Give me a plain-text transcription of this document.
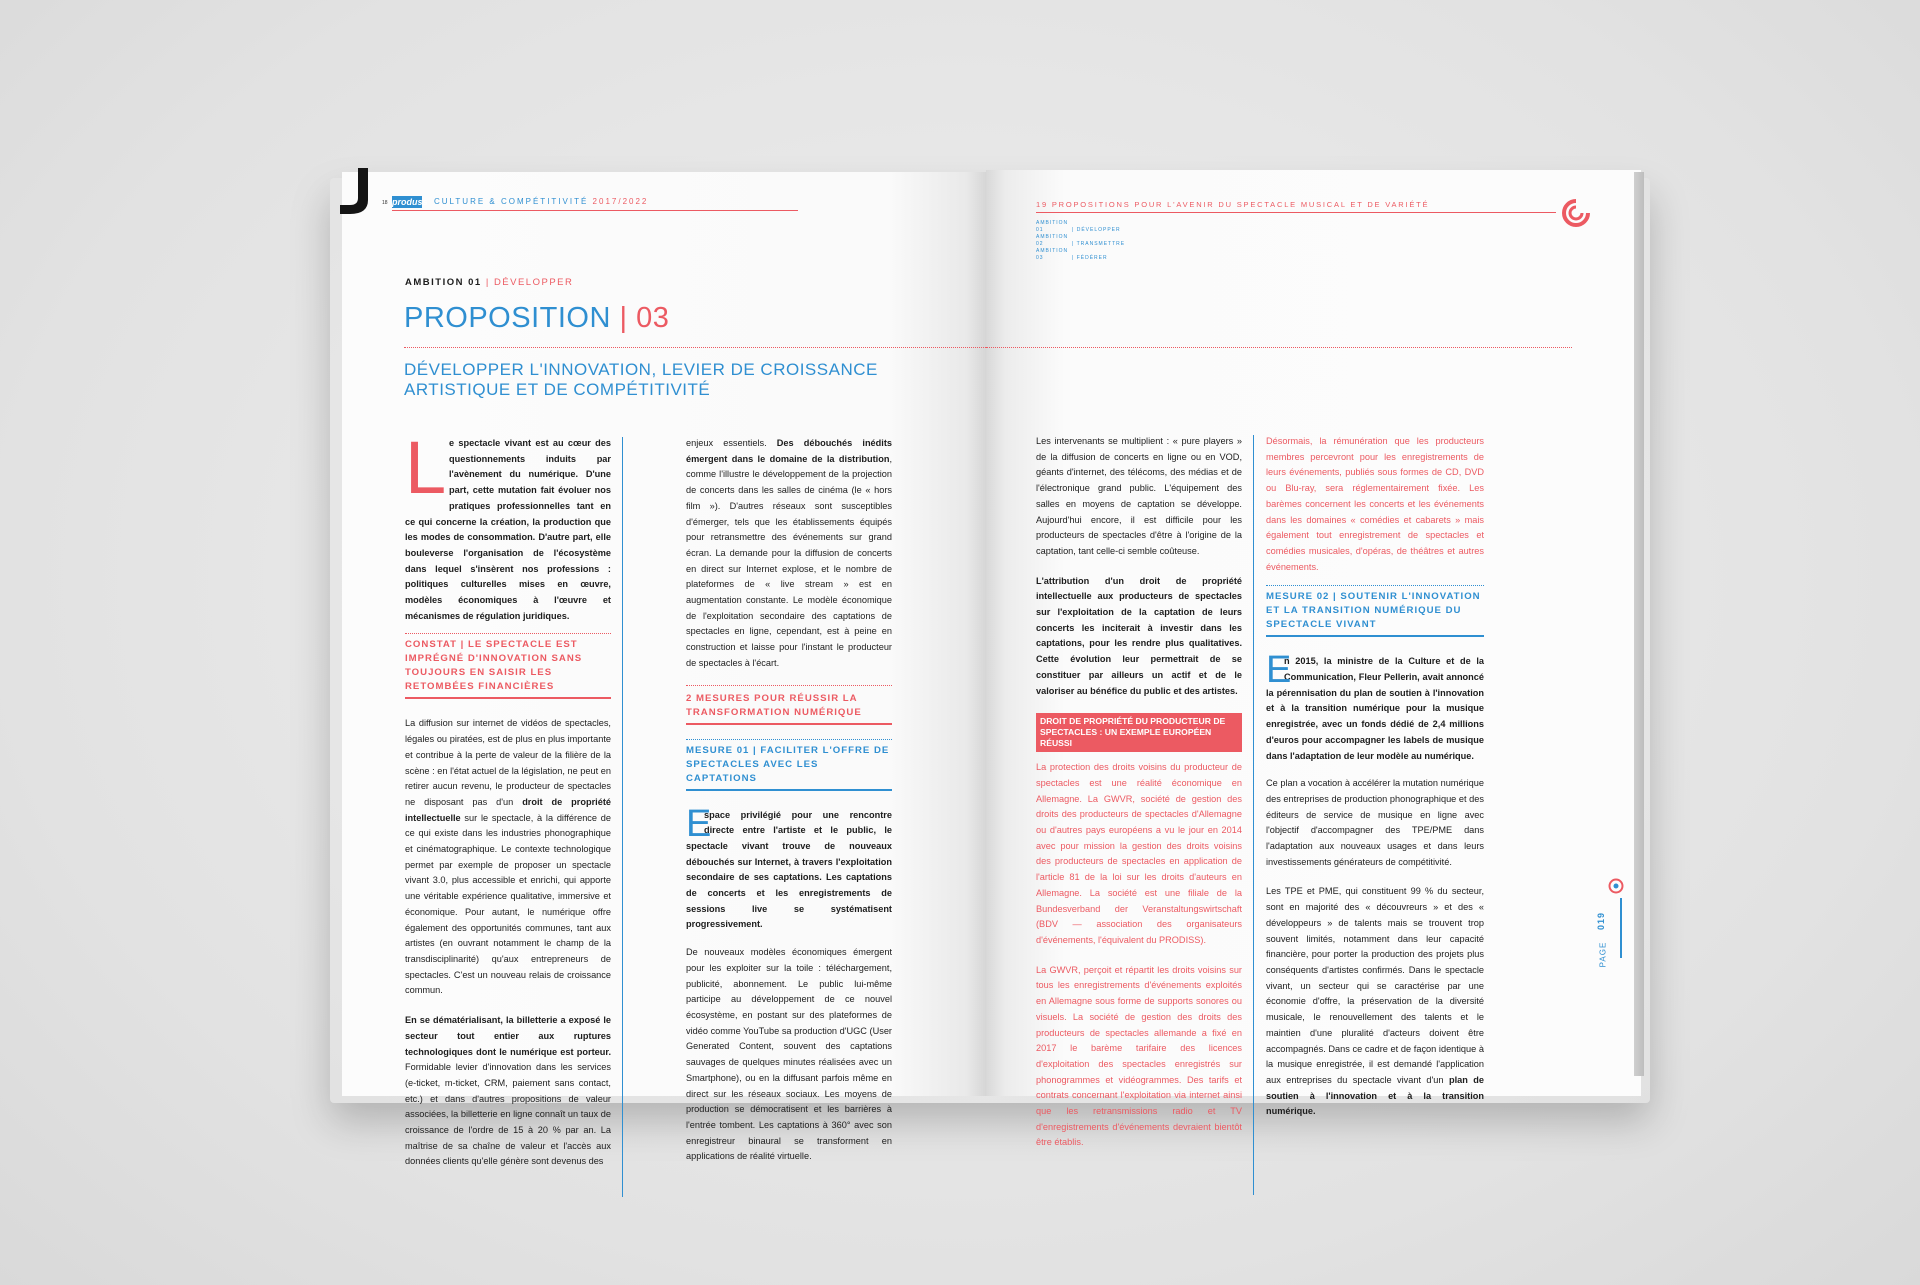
18 produss CULTURE & COMPÉTITIVITÉ 2017/2022
AMBITION 01 | DÉVELOPPER
PROPOSITION | 03
DÉVELOPPER L'INNOVATION, LEVIER DE CROISSANCE
ARTISTIQUE ET DE COMPÉTITIVITÉ
L e spectacle vivant est au cœur des questionnements induits par l'avènement du numérique. D'une part, cette mutation fait évoluer nos pratiques professionnelles tant en ce qui concerne la création, la production que les modes de consommation. D'autre part, elle bouleverse l'organisation de l'écosystème dans lequel s'insèrent nos professions : politiques culturelles mises en œuvre, modèles économiques à l'œuvre et mécanismes de régulation juridiques.

CONSTAT | LE SPECTACLE EST IMPRÉGNÉ D'INNOVATION SANS TOUJOURS EN SAISIR LES RETOMBÉES FINANCIÈRES

La diffusion sur internet de vidéos de spectacles, légales ou piratées, est de plus en plus importante et contribue à la perte de valeur de la filière de la scène : en l'état actuel de la législation, ne peut en retirer aucun revenu, le producteur de spectacles ne disposant pas d'un droit de propriété intellectuelle sur le spectacle, à la différence de ce qui existe dans les industries phonographique et cinématographique. Le contexte technologique permet par exemple de proposer un spectacle vivant 3.0, plus accessible et enrichi, qui apporte une véritable expérience qualitative, immersive et économique. Pour autant, le numérique offre également des opportunités communes, tant aux artistes (en ouvrant notamment le champ de la transdisciplinarité) qu'aux entrepreneurs de spectacles. C'est un nouveau relais de croissance commun.

En se dématérialisant, la billetterie a exposé le secteur tout entier aux ruptures technologiques dont le numérique est porteur. Formidable levier d'innovation dans les services (e-ticket, m-ticket, CRM, paiement sans contact, etc.) et dans d'autres propositions de valeur associées, la billetterie en ligne connaît un taux de croissance de l'ordre de 15 à 20 % par an. La maîtrise de sa chaîne de valeur et l'accès aux données clients qu'elle génère sont devenus des

enjeux essentiels. Des débouchés inédits émergent dans le domaine de la distribution, comme l'illustre le développement de la projection de concerts dans les salles de cinéma (le « hors film »). D'autres réseaux sont susceptibles d'émerger, tels que les établissements équipés pour retransmettre des événements sur grand écran. La demande pour la diffusion de concerts en direct sur Internet explose, et le nombre de plateformes de « live stream » est en augmentation constante. Le modèle économique de l'exploitation secondaire des captations de spectacles en ligne, cependant, est à peine en construction et laisse pour l'instant le producteur de spectacles à l'écart.

2 MESURES POUR RÉUSSIR LA TRANSFORMATION NUMÉRIQUE
MESURE 01 | FACILITER L'OFFRE DE SPECTACLES AVEC LES CAPTATIONS
E

space privilégié pour une rencontre directe entre l'artiste et le public, le spectacle vivant trouve de nouveaux débouchés sur Internet, à travers l'exploitation secondaire de ses captations. Les captations de concerts et les enregistrements de sessions live se systématisent progressivement.

De nouveaux modèles économiques émergent pour les exploiter sur la toile : téléchargement, publicité, abonnement. Le public lui-même participe au développement de ce nouvel écosystème, en postant sur des plateformes de vidéo comme YouTube sa production d'UGC (User Generated Content, souvent des captations sauvages de quelques minutes réalisées avec un Smartphone), ou en la diffusant parfois même en direct sur les réseaux sociaux. Les moyens de production se démocratisent et les barrières à l'entrée tombent. Les captations à 360° avec son enregistreur binaural se transforment en applications de réalité virtuelle.

19 PROPOSITIONS POUR L'AVENIR DU SPECTACLE MUSICAL ET DE VARIÉTÉ
AMBITION 01	| DÉVELOPPER
AMBITION 02	| TRANSMETTRE
AMBITION 03	| FÉDÉRER

Les intervenants se multiplient : « pure players » de la diffusion de concerts en ligne ou en VOD, géants d'internet, des télécoms, des médias et de l'électronique grand public. L'équipement des salles en moyens de captation se développe. Aujourd'hui encore, il est difficile pour les producteurs de spectacles d'être à l'origine de la captation, tant celle-ci semble coûteuse.

L'attribution d'un droit de propriété intellectuelle aux producteurs de spectacles sur l'exploitation de la captation de leurs concerts les inciterait à investir dans les captations, pour les rendre plus qualitatives. Cette évolution leur permettrait de se constituer par ailleurs un actif et de le valoriser au bénéfice du public et des artistes.

DROIT DE PROPRIÉTÉ DU PRODUCTEUR DE SPECTACLES : UN EXEMPLE EUROPÉEN RÉUSSI

La protection des droits voisins du producteur de spectacles est une réalité économique en Allemagne. La GWVR, société de gestion des droits des producteurs de spectacles d'Allemagne ou d'autres pays européens a vu le jour en 2014 avec pour mission la gestion des droits voisins des producteurs de spectacles en application de l'article 81 de la loi sur les droits d'auteurs en Allemagne. La société est une filiale de la Bundesverband der Veranstaltungswirtschaft (BDV — association des organisateurs d'événements, l'équivalent du PRODISS).

La GWVR, perçoit et répartit les droits voisins sur tous les enregistrements d'événements exploités en Allemagne sous forme de supports sonores ou visuels. La société de gestion des droits des producteurs de spectacles allemande a fixé en 2017 le barème tarifaire des licences d'exploitation des spectacles enregistrés sur phonogrammes et vidéogrammes. Des tarifs et contrats concernant l'exploitation via internet ainsi que les retransmissions radio et TV d'enregistrements d'événements devraient bientôt être établis.

Désormais, la rémunération que les producteurs membres percevront pour les enregistrements de leurs événements, publiés sous formes de CD, DVD ou Blu-ray, sera réglementairement fixée. Les barèmes concernent les concerts et les événements dans les domaines « comédies et cabarets » mais également tout enregistrement de spectacles et comédies musicales, d'opéras, de théâtres et autres événements.

MESURE 02 | SOUTENIR L'INNOVATION ET LA TRANSITION NUMÉRIQUE DU SPECTACLE VIVANT
E

n 2015, la ministre de la Culture et de la Communication, Fleur Pellerin, avait annoncé la pérennisation du plan de soutien à l'innovation et à la transition numérique pour la musique enregistrée, avec un fonds dédié de 2,4 millions d'euros pour accompagner les labels de musique dans l'adaptation de leur modèle au numérique.

Ce plan a vocation à accélérer la mutation numérique des entreprises de production phonographique et des éditeurs de service de musique en ligne avec l'objectif d'accompagner des TPE/PME dans l'adaptation aux nouveaux usages et dans leurs investissements générateurs de compétitivité.

Les TPE et PME, qui constituent 99 % du secteur, sont en majorité des « découvreurs » et des « développeurs » de talents mais se trouvent trop souvent limités, notamment dans leur capacité financière, pour porter la production des projets plus conséquents d'artistes confirmés. Dans le spectacle vivant, un secteur qui se caractérise par une économie d'offre, la préservation de la diversité musicale, le renouvellement des talents et le maintien d'une pluralité d'acteurs doivent être accompagnés. Dans ce cadre et de façon identique à la musique enregistrée, il est demandé l'application aux entreprises du spectacle vivant d'un plan de soutien à l'innovation et à la transition numérique.

019
PAGE
